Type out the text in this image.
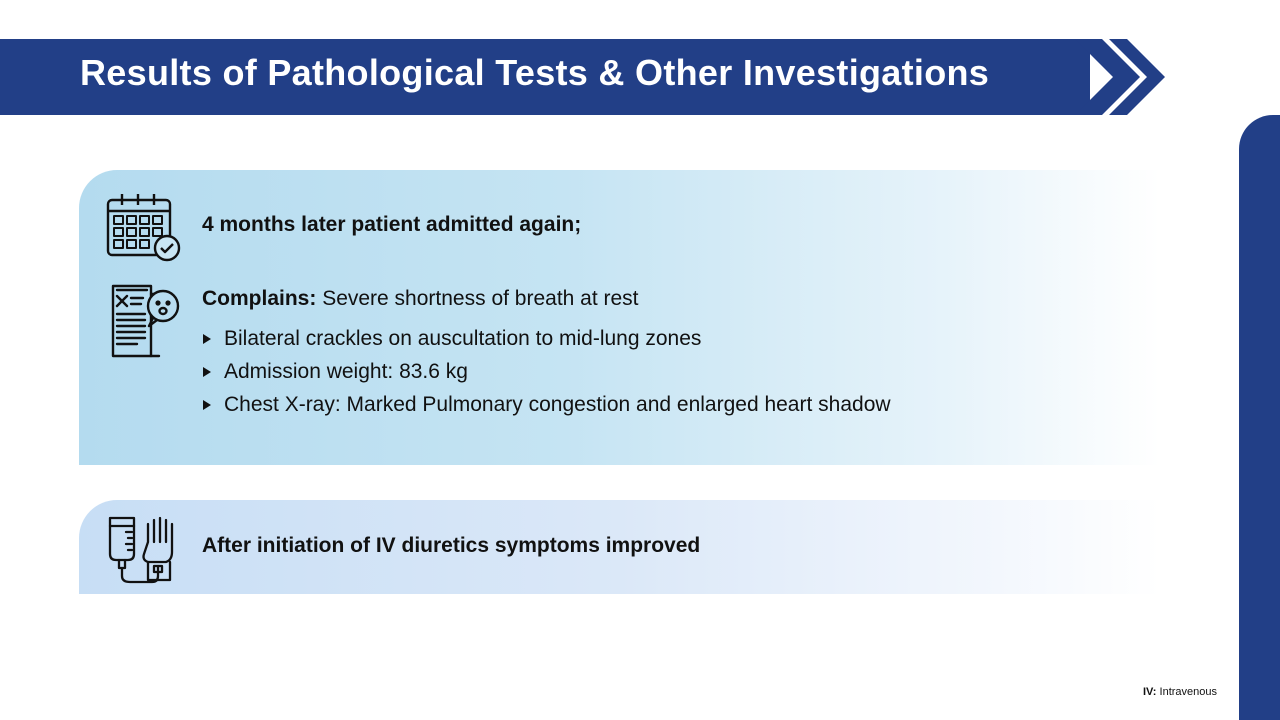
Results of Pathological Tests & Other Investigations
4 months later patient admitted again;
Complains: Severe shortness of breath at rest
Bilateral crackles on auscultation to mid-lung zones
Admission weight: 83.6 kg
Chest X-ray: Marked Pulmonary congestion and enlarged heart shadow
After initiation of IV diuretics symptoms improved
IV: Intravenous
